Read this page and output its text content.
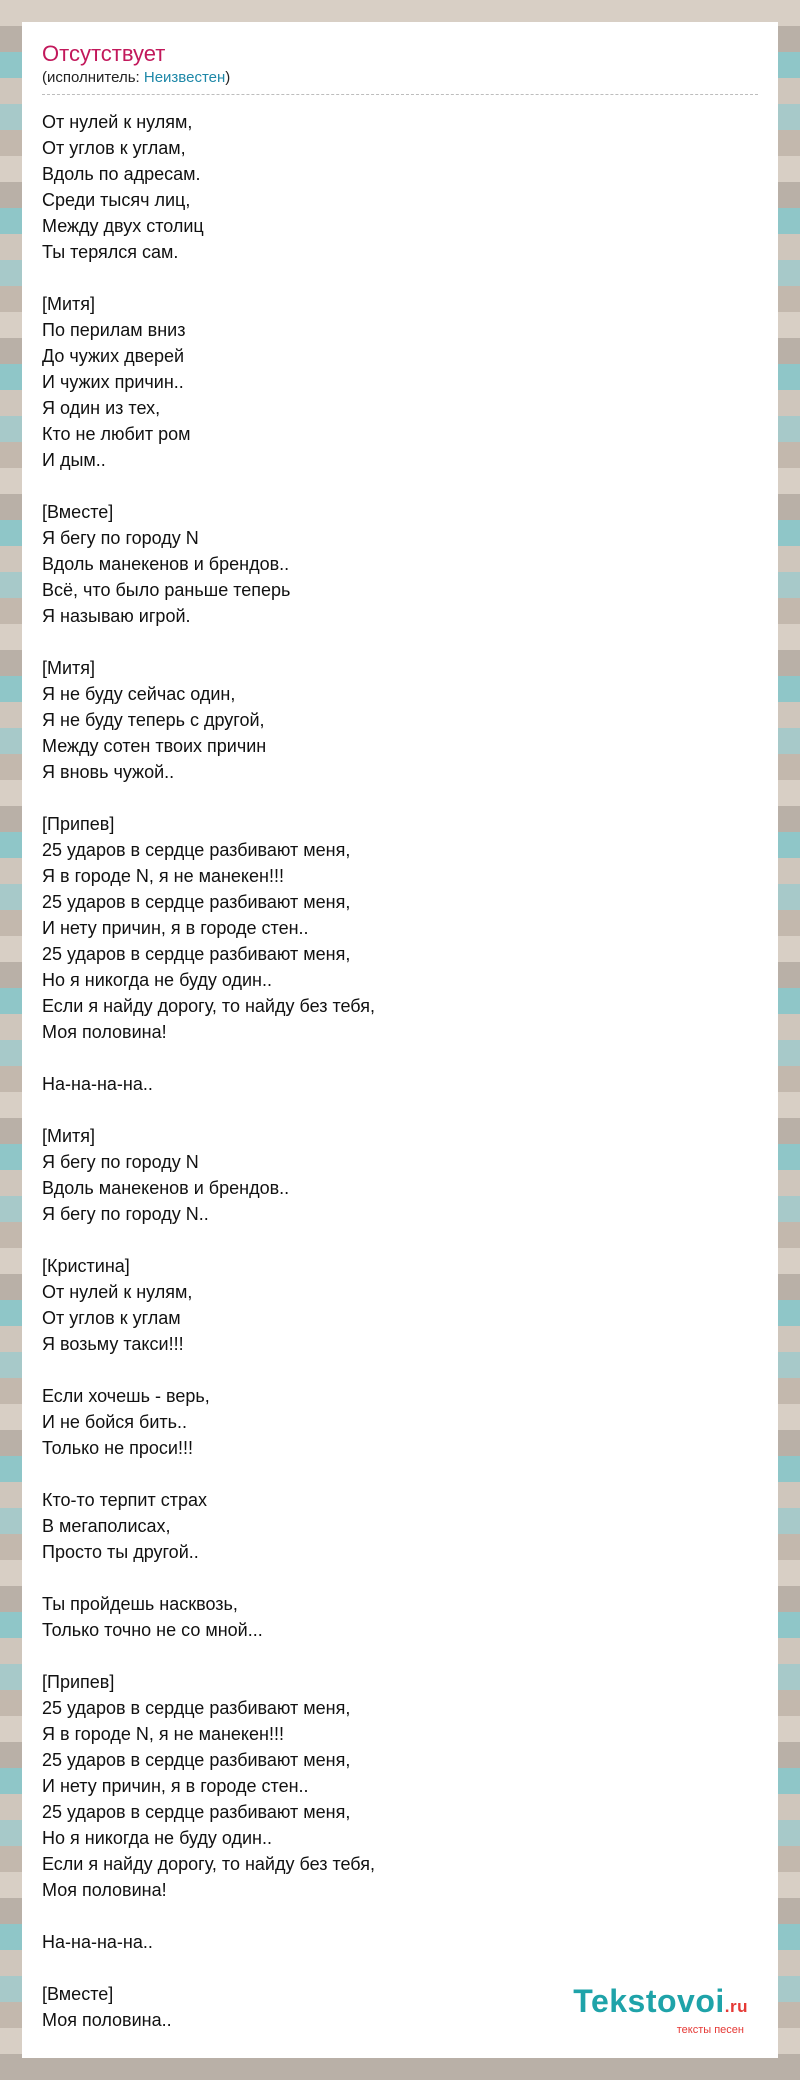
Отсутствует
(исполнитель: Неизвестен)
От нулей к нулям,
От углов к углам,
Вдоль по адресам.
Среди тысяч лиц,
Между двух столиц
Ты терялся сам.
[Митя]
По перилам вниз
До чужих дверей
И чужих причин..
Я один из тех,
Кто не любит ром
И дым..
[Вместе]
Я бегу по городу N
Вдоль манекенов и брендов..
Всё, что было раньше теперь
Я называю игрой.
[Митя]
Я не буду сейчас один,
Я не буду теперь с другой,
Между сотен твоих причин
Я вновь чужой..
[Припев]
25 ударов в сердце разбивают меня,
Я в городе N, я не манекен!!!
25 ударов в сердце разбивают меня,
И нету причин, я в городе стен..
25 ударов в сердце разбивают меня,
Но я никогда не буду один..
Если я найду дорогу, то найду без тебя,
Моя половина!
На-на-на-на..
[Митя]
Я бегу по городу N
Вдоль манекенов и брендов..
Я бегу по городу N..
[Кристина]
От нулей к нулям,
От углов к углам
Я возьму такси!!!
Если хочешь - верь,
И не бойся бить..
Только не проси!!!
Кто-то терпит страх
В мегаполисах,
Просто ты другой..
Ты пройдешь насквозь,
Только точно не со мной...
[Припев]
25 ударов в сердце разбивают меня,
Я в городе N, я не манекен!!!
25 ударов в сердце разбивают меня,
И нету причин, я в городе стен..
25 ударов в сердце разбивают меня,
Но я никогда не буду один..
Если я найду дорогу, то найду без тебя,
Моя половина!
На-на-на-на..
[Вместе]
Моя половина..
Tekstovoi.ru
тексты песен
